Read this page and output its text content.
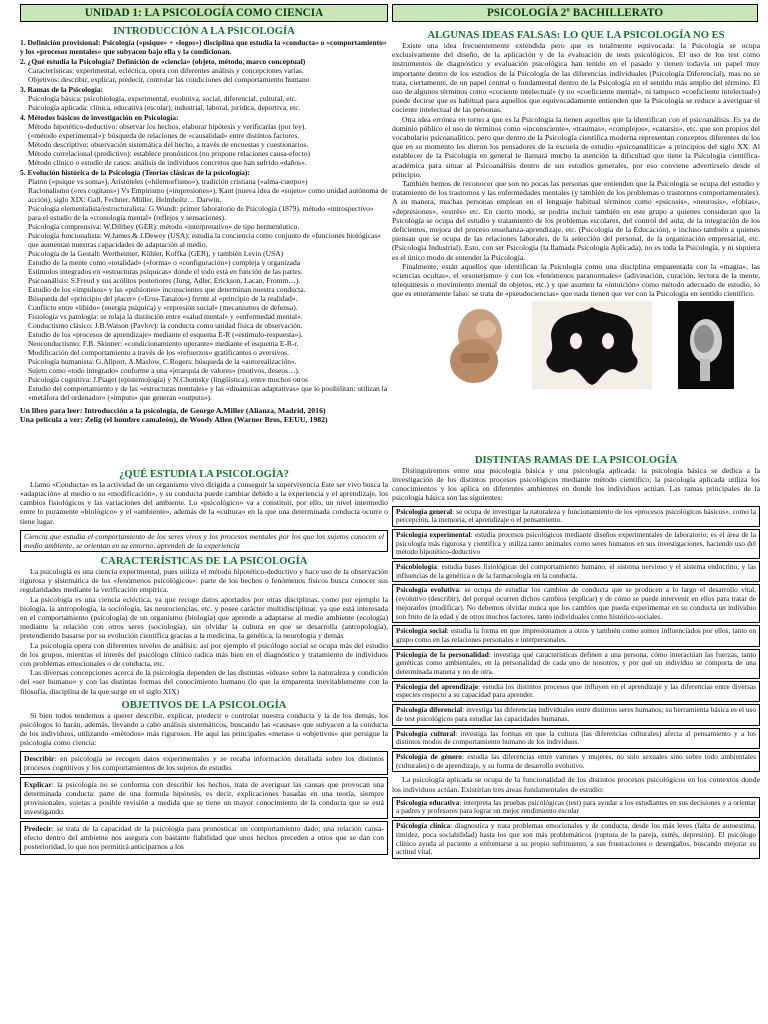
UNIDAD 1: LA PSICOLOGÍA COMO CIENCIA	PSICOLOGÍA 2º BACHILLERATO
INTRODUCCIÓN A LA PSICOLOGÍA
1. Definición provisional: Psicología («psique» + «logos») disciplina que estudia la «conducta» o «comportamiento» y los «procesos mentales» que subyacen bajo ella y la condicionan.
2. ¿Qué estudia la Psicología? Definición de «ciencia» (objeto, método, marco conceptual)
Características: experimental, ecléctica, opera con diferentes análisis y concepciones varias.
Objetivos: describir, explicar, predecir, controlar las condiciones del comportamiento humano
3. Ramas de la Psicología:
Psicología básica: psicobiología, experimental, evolutiva, social, diferencial, cultural, etc.
Psicología aplicada: clínica, educativa (escolar), industrial, laboral, jurídica, deportiva, etc.
4. Métodos básicos de investigación en Psicología:
Método hipotético-deductivo: observar los hechos, elaborar hipótesis y verificarlas (por ley).
(«método experimental»): búsqueda de relaciones de «causalidad» entre distintos factores.
Método descriptivo: observación sistemática del hecho, a través de encuestas y cuestionarios.
Método correlacional (predictivo): establece pronósticos (no propone relaciones causa-efecto)
Método clínico o estudio de casos: análisis de individuos concretos que han sufrido «daños».
5. Evolución histórica de la Psicología (Teorías clásicas de la psicología):
Platón («psique vs soma»), Aristóteles («hilemorfismo»), tradición cristiana («alma-cuerpo»)
Racionalismo («res cogitans») Vs Empirismo («impresiones»), Kant (nueva idea de «sujeto» como unidad autónoma de acción), siglo XIX: Gall, Fechner, Müller, Helmholtz… Darwin.
Psicología elementalista/estructuralista: G.Wundt: primer laboratorio de Psicología (1879). método «introspectivo» para el estudio de la «cronología mental» (reflejos y sensaciones).
Psicología comprensiva: W.Dilthey (GER): método «interpretativo» de tipo hermenéutico.
Psicología funcionalista: W.James & J.Dewey (USA): estudia la conciencia como conjunto de «funciones biológicas» que aumentan nuestras capacidades de adaptación al medio.
Psicología de la Gestalt: Wertheimer, Köhler, Koffka (GER), y también Levin (USA)
Estudio de la mente como «totalidad» («forma» o «configuración») compleja y organizada
Estímulos integrados en «estructuras psíquicas» donde el todo está en función de las partes.
Psicoanálisis: S.Freud y sus acólitos posteriores (Jung, Adler, Erickson, Lacan, Fromm…).
Estudio de los «impulsos» y las «pulsiones» inconscientes que determinan nuestra conducta.
Búsqueda del «principio del placer» («Eros-Tanatos») frente al «principio de la realidad».
Conflicto entre «libido» (energía psíquica) y «represión social» (mecanismos de defensa).
Fisiología vs patología: se relaja la distinción entre «salud mental» y «enfermedad mental».
Conductismo clásico: J.B.Watson (Pavlov): la conducta como unidad física de observación.
Estudio de los «procesos de aprendizaje» mediante el esquema E-R («estímulo-respuesta»).
Neoconductismo: F.B. Skinner: «condicionamiento operante» mediante el esquema E-R-r.
Modificación del comportamiento a través de los «refuerzos» gratificantes o aversivos.
Psicología humanista: G.Allport, A.Maslow, C.Rogers: búsqueda de la «autorealización».
Sujeto como «todo integrado» conforme a una «jerarquía de valores» (motivos, deseos…).
Psicología cognitiva: J.Piaget (epistemología) y N.Chomsky (lingüística), entre muchos otros
Estudio del comportamiento y de las «estructuras mentales» y las «dinámicas adaptativas» que lo posibilitan: utilizan la «metáfora del ordenador» («imputs» que generan «outputs»).
Un libro para leer: Introducción a la psicología, de George A.Miller (Alianza, Madrid, 2016)
Una película a ver: Zelig (el hombre camaleón), de Woody Allen (Warner Bros, EEUU, 1982)
¿QUÉ ESTUDIA LA PSICOLOGÍA?

Llamo «Conducta» es la actividad de un organismo vivo dirigida a conseguir la supervivencia Este ser vivo busca la «adaptación» al medio o su «modificación», y su conducta puede cambiar debido a la experiencia y el aprendizaje, los cambios fisiológicos y las variaciones del ambiente. Lo «psicológico» va a constituir, por ello, un nivel intermedio entre lo puramente «biológico» y el «ambiente», además de la «cultura» en la que una determinada conducta ocurre o tiene lugar.

Ciencia que estudia el comportamiento de los seres vivos y los procesos mentales por los que los sujetos conocen el medio ambiente, se orientan en su entorno, aprenden de la experiencia
CARACTERÍSTICAS DE LA PSICOLOGÍA

La psicología es una ciencia experimental, pues utiliza el método hipotético-deductivo y hace uso de la observación rigurosa y sistemática de los «fenómenos psicológicos»: parte de los hechos o fenómenos físicos busca conocer sus regularidades mediante la verificación empírica.

La psicología es una ciencia ecléctica, ya que recoge datos aportados por otras disciplinas, como por ejemplo la biología, la antropología, la sociología, las neurociencias, etc. y posee carácter multidisciplinar, ya que está interesada en el comportamiento (psicología) de un organismo (biología) que aprende a adaptarse al medio ambiente (ecología) mediante la relación con otros seres (sociología), sin olvidar la cultura en que se desarrolla (antropología), pretendiendo basarse por su evolución científica gracias a la medicina, la genética, la neurología y demás

La psicología opera con diferentes niveles de análisis: así por ejemplo el psicólogo social se ocupa más del estudio de los grupos, mientras el interés del psicólogo clínico radica más bien en el diagnóstico y tratamiento de individuos con problemas emocionales o de conducta, etc.

Las diversas concepciones acerca de la psicología dependen de las distintas «ideas» sobre la naturaleza y condición del «ser humano» y con las distintas formas del conocimiento humano (lo que la emparenta inevitablemente con la filosofía, disciplina de la que surge en el siglo XIX)

OBJETIVOS DE LA PSICOLOGÍA

Si bien todos tendemos a querer describir, explicar, predecir o controlar nuestra conducta y la de los demás, los psicólogos lo harán, además, llevando a cabo análisis sistemáticos, buscando las «causas» que subyacen a la conducta de los individuos, utilizando «métodos» más rigurosos. He aquí las principales «metas» u «objetivos» que persigue la psicología como ciencia:

Describir: en psicología se recogen datos experimentales y se recaba información detallada sobre los distintos procesos cognitivos y los comportamientos de los sujetos de estudio.
Explicar: la psicología no se conforma con describir los hechos, trata de averiguar las causas que provocan una determinada conducta: parte de una formula hipótesis, es decir, explicaciones basadas en una teoría, siempre provisionales, sujetas a posible revisión a medida que se tiene un mayor conocimiento de la conducta que se está investigando.
Predecir: se trata de la capacidad de la psicología para pronosticar un comportamiento dado; una relación causa-efecto dentro del ambiente nos asegura con bastante fiabilidad que unos hechos preceden a otros que se dan con posterioridad, lo que nos permitirá anticiparnos a los
ALGUNAS IDEAS FALSAS: LO QUE LA PSICOLOGÍA NO ES

Existe una idea frecuentemente extendida pero que es totalmente equivocada: la Psicología se ocupa exclusivamente del diseño, de la aplicación y de la evaluación de tests psicológicos. El uso de los test como instrumentos de diagnóstico y evaluación psicológica han tenido en el pasado y tienen todavía un papel muy importante dentro de los estudios de la Psicología de las diferencias individuales (Psicología Diferencial), mas no se trata, ciertamente, de un papel central o fundamental dentro de la Psicología en el sentido más amplio del término. El uso de algunos términos como «cociente intelectual» (y no «coeficiente mental», ni tampoco «coeficiente intelectual») puede decirse que es habitual para aquellos que equivocadamente entienden que la Psicología se reduce a averiguar el cociente intelectual de las personas.

Otra idea errónea en torno a que es la Psicología la tienen aquellos que la identifican con el psicoanálisis. Es ya de dominio público el uso de términos como «inconsciente», «traumas», «complejos», «catarsis», etc. que son propios del vocabulario psicoanalítico, pero que dentro de la Psicología científica moderna representan conceptos diferentes de los que en su momento les dieron los pensadores de la escuela de estudio «psicoanalítica» a principios del siglo XX. Al establecer de la Psicología en general le llamará mucho la atención la dificultad que tiene la Psicología científica-académica para situar al Psicoanálisis dentro de sus estudios generales, por eso conviene advertirselo desde el principio.

También hemos de reconocer que son no pocas las personas que entienden que la Psicología se ocupa del estudio y tratamiento de los trastornos y las enfermedades mentales (y también de los problemas o trastornos comportamentales). A su manera, muchas personas emplean en el lenguaje habitual términos como «psicosis», «neurosis», «fobias», «depresiones», «estrés» etc. En cierto modo, se podría incluir también en este grupo a quienes consideran que la Psicología se ocupa del estudio y tratamiento de los problemas escolares, del control del aula, de la integración de los deficientes, mejora del proceso enseñanza-aprendizaje, etc. (Psicología de la Educación), e incluso también a quienes piensan que se ocupa de las relaciones laborales, de la selección del personal, de la organización empresarial, etc. (Psicología Industrial). Esto, con ser Psicología (la llamada Psicología Aplicada), no es toda la Psicología, y ni siquiera es el único modo de entender la Psicología.

Finalmente, están aquellos que identifican la Psicología como una disciplina emparentada con la «magia», las «ciencias ocultas», el «esoterismo» y con los «fenómenos paranormales» (adivinación, curación, lectura de la mente, telequinesis o movimiento mental de objetos, etc.) y que asumen la «intuición» como método adecuado de estudio, lo que es enteramente falso: se trata de «pseudociencias» que nada tienen que ver con la Psicología en sentido científico.

DISTINTAS RAMAS DE LA PSICOLOGÍA

Distinguiremos entre una psicología básica y una psicología aplicada: la psicología básica se dedica a la investigación de los distintos procesos psicológicos mediante método científico; la psicología aplicada utiliza los conocimientos y los aplica en diferentes ambientes en donde los individuos actúan. Las ramas principales de la psicología básica son las siguientes:

Psicología general: se ocupa de investigar la naturaleza y funcionamiento de los «procesos psicológicos básicos», como la percepción, la memoria, el aprendizaje o el pensamiento.
Psicología experimental: estudia procesos psicológicos mediante diseños experimentales de laboratorio; es el área de la psicología más rigurosa y científica y utiliza tanto animales como seres humanos en sus investigaciones, haciendo uso del método hipotético-deductivo
Psicobiología: estudia bases fisiológicas del comportamiento humano, el sistema nervioso y el sistema endocrino, y las influencias de la genética o de la farmacología en la conducta.
Psicología evolutiva: se ocupa de estudiar los cambios de conducta que se producen a lo largo el desarrollo vital, (evolutivo (describir), del porqué ocurren dichos cambios (explicar) y de cómo se puede intervenir en ellos para tratar de mejorarlos (modificar). No debemos olvidar nunca que los cambios que pueda experimentar en su conducta un individuo son fruto de la edad y de otros muchos factores, tanto individuales como histórico-sociales.
Psicología social: estudia la forma en que impresionamos a otros y también como somos influenciados por ellos, tanto en grupo como en las relaciones personales e interpersonales.
Psicología de la personalidad: investiga qué características definen a una persona, cómo interactúan las fuerzas, tanto genéticas como ambientales, en la personalidad de cada uno de nosotros, y por qué un individuo se comporta de una determinada manera y no de otra.
Psicología del aprendizaje: estudia los distintos procesos que influyen en el aprendizaje y las diferencias entre diversas especies respecto a su capacidad para aprender.
Psicología diferencial: investiga las diferencias individuales entre distintos seres humanos; su herramienta básica es el uso de test psicológicos para estudiar las capacidades humanas.
Psicología cultural: investiga las formas en que la cultura (las diferencias culturales) afecta al pensamiento y a los distintos modos de comportamiento humano de los individuos.
Psicología de género: estudia las diferencias entre varones y mujeres, no solo sexuales sino sobre todo ambientales (culturales) o de aprendizaje, y su forma de desarrollo evolutivo.

La psicología aplicada se ocupa de la funcionalidad de los distintos procesos psicológicos en los contextos donde los individuos actúan. Existirían tres áreas fundamentales de estudio:

Psicología educativa: interpreta las pruebas psicológicas (test) para ayudar a los estudiantes en sus decisiones y a orientar a padres y profesores para lograr un mejor rendimiento escolar
Psicología clínica: diagnostica y trata problemas emocionales y de conducta, desde los más leves (falta de autoestima, timidez, poca sociabilidad) hasta los que son más problemáticos (ruptura de la pareja, estrés, depresión). El psicólogo clínico ayuda al paciente a enfrentarse a su propio sufrimiento, a sus frustraciones o desengaños, buscando mejorar su actitud vital.
